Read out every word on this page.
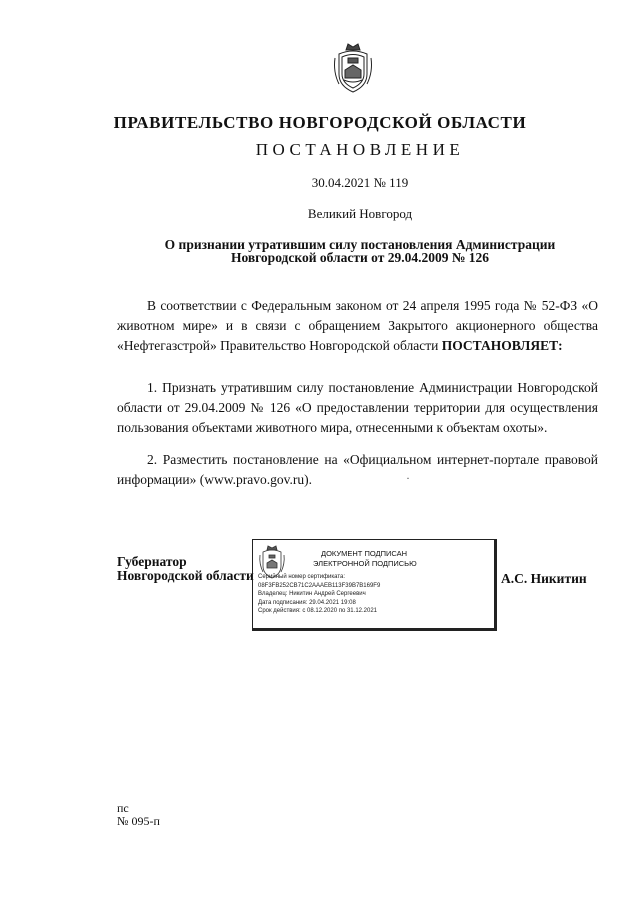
ПРАВИТЕЛЬСТВО НОВГОРОДСКОЙ ОБЛАСТИ
ПОСТАНОВЛЕНИЕ
30.04.2021 № 119
Великий Новгород
О признании утратившим силу постановления Администрации
Новгородской области от 29.04.2009 № 126

В соответствии с Федеральным законом от 24 апреля 1995 года № 52-ФЗ «О животном мире» и в связи с обращением Закрытого акционерного общества «Нефтегазстрой» Правительство Новгородской области ПОСТАНОВЛЯЕТ:

1. Признать утратившим силу постановление Администрации Новгородской области от 29.04.2009 № 126 «О предоставлении территории для осуществления пользования объектами животного мира, отнесенными к объектам охоты».

2. Разместить постановление на «Официальном интернет-портале правовой информации» (www.pravo.gov.ru).	·
Губернатор
Новгородской области
ДОКУМЕНТ ПОДПИСАН
ЭЛЕКТРОННОЙ ПОДПИСЬЮ
Серийный номер сертификата:
08F3FB252CB71C2AAAEB113F39B7B169F9
Владелец: Никитин Андрей Сергеевич
Дата подписания: 29.04.2021 19:08
Срок действия: с 08.12.2020 по 31.12.2021
А.С. Никитин
пс
№ 095-п
